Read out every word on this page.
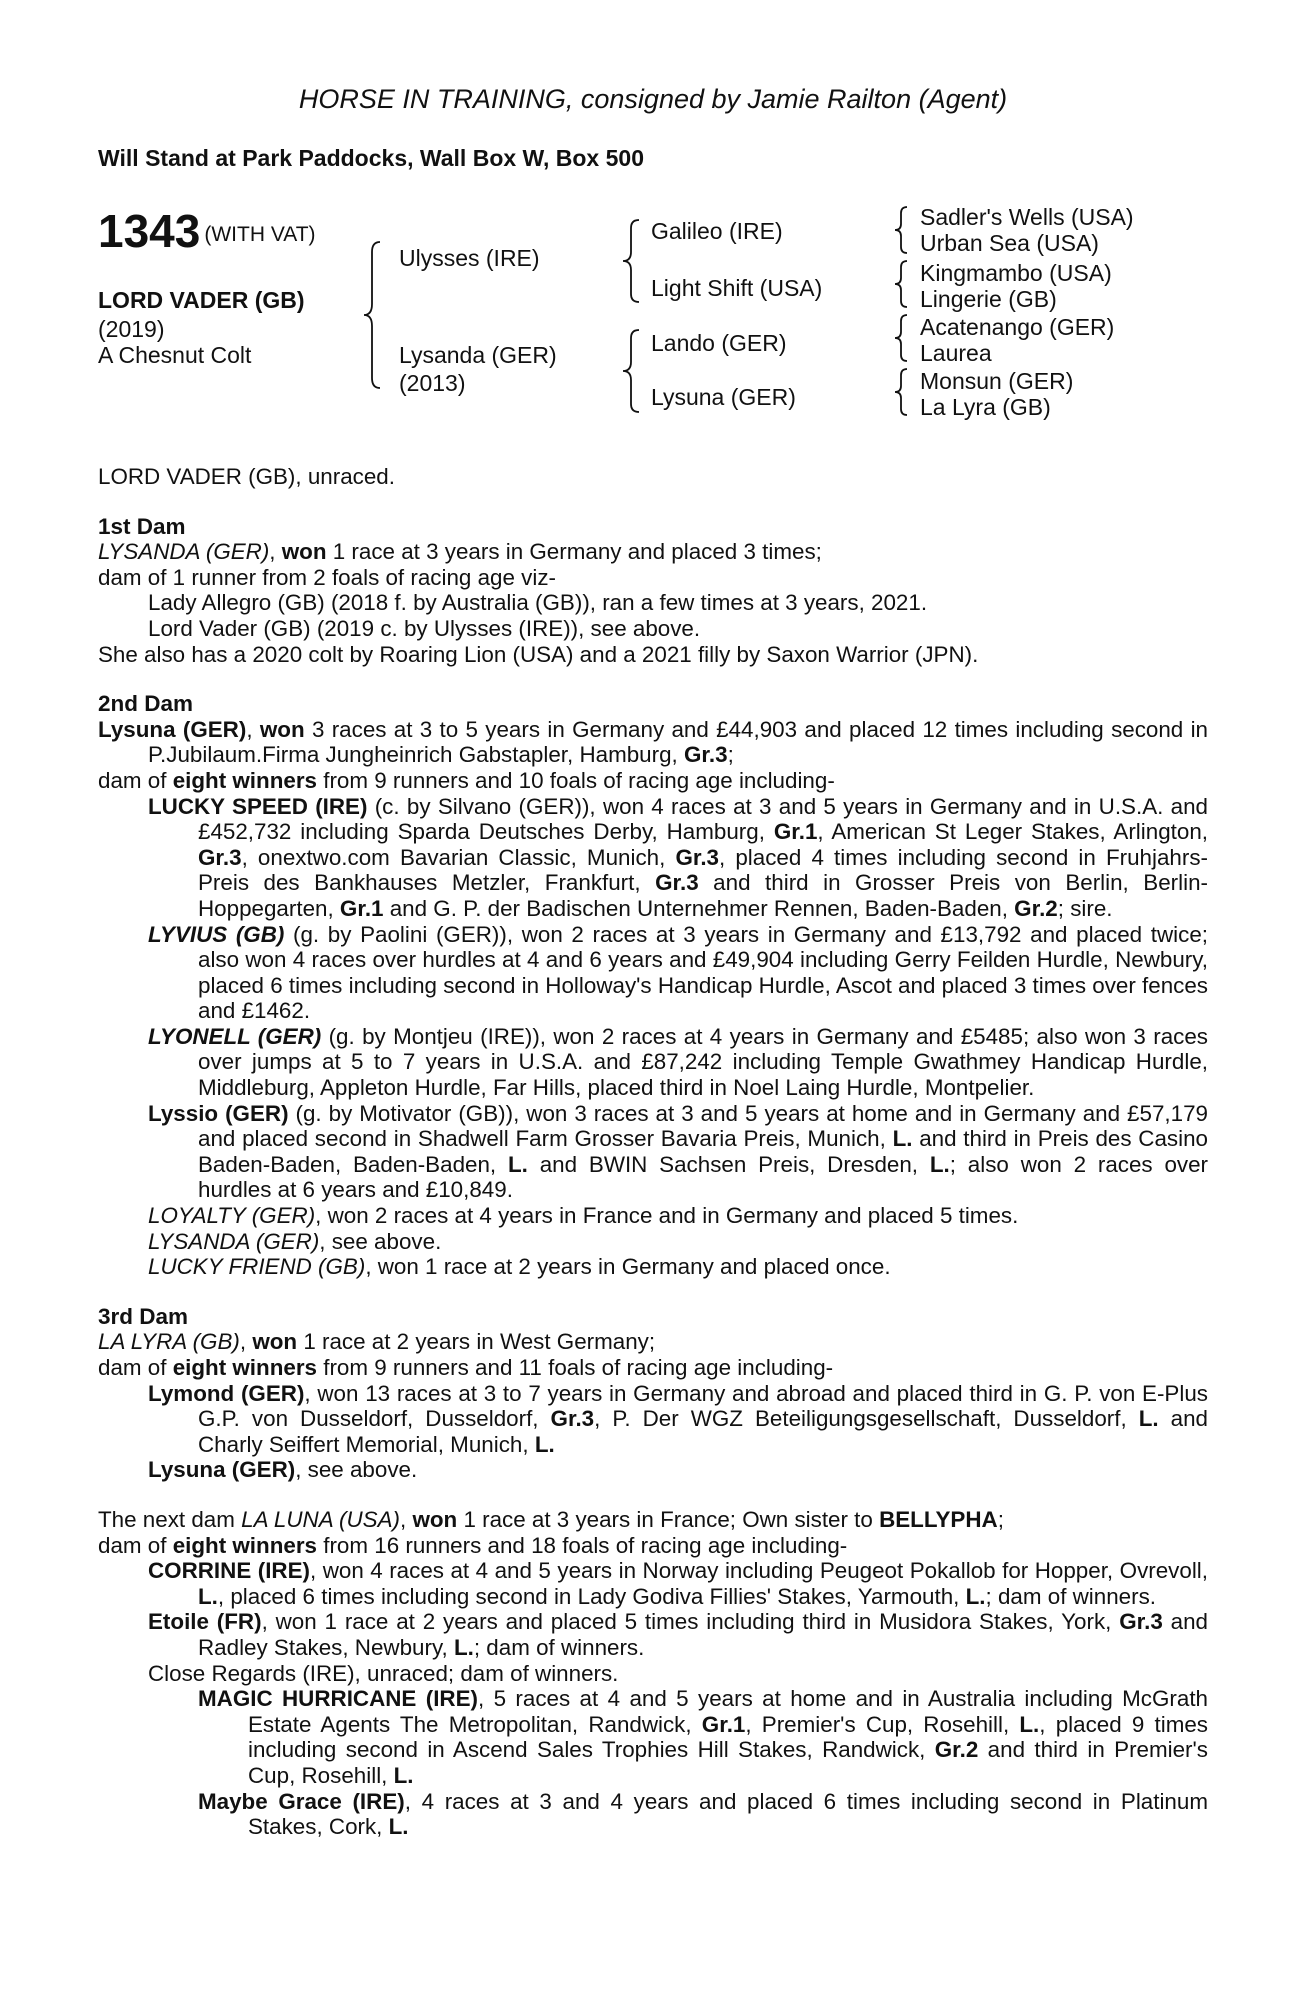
HORSE IN TRAINING, consigned by Jamie Railton (Agent)
Will Stand at Park Paddocks, Wall Box W, Box 500
1343 (WITH VAT)
LORD VADER (GB)
(2019)
A Chesnut Colt
Ulysses (IRE)
Lysanda (GER)
(2013)
Galileo (IRE)
Light Shift (USA)
Lando (GER)
Lysuna (GER)
Sadler's Wells (USA)
Urban Sea (USA)
Kingmambo (USA)
Lingerie (GB)
Acatenango (GER)
Laurea
Monsun (GER)
La Lyra (GB)

LORD VADER (GB), unraced.

1st Dam

LYSANDA (GER), won 1 race at 3 years in Germany and placed 3 times;

dam of 1 runner from 2 foals of racing age viz-

Lady Allegro (GB) (2018 f. by Australia (GB)), ran a few times at 3 years, 2021.

Lord Vader (GB) (2019 c. by Ulysses (IRE)), see above.

She also has a 2020 colt by Roaring Lion (USA) and a 2021 filly by Saxon Warrior (JPN).

2nd Dam

Lysuna (GER), won 3 races at 3 to 5 years in Germany and £44,903 and placed 12 times including second in P.Jubilaum.Firma Jungheinrich Gabstapler, Hamburg, Gr.3;

dam of eight winners from 9 runners and 10 foals of racing age including-

LUCKY SPEED (IRE) (c. by Silvano (GER)), won 4 races at 3 and 5 years in Germany and in U.S.A. and £452,732 including Sparda Deutsches Derby, Hamburg, Gr.1, American St Leger Stakes, Arlington, Gr.3, onextwo.com Bavarian Classic, Munich, Gr.3, placed 4 times including second in Fruhjahrs-Preis des Bankhauses Metzler, Frankfurt, Gr.3 and third in Grosser Preis von Berlin, Berlin-Hoppegarten, Gr.1 and G. P. der Badischen Unternehmer Rennen, Baden-Baden, Gr.2; sire.

LYVIUS (GB) (g. by Paolini (GER)), won 2 races at 3 years in Germany and £13,792 and placed twice; also won 4 races over hurdles at 4 and 6 years and £49,904 including Gerry Feilden Hurdle, Newbury, placed 6 times including second in Holloway's Handicap Hurdle, Ascot and placed 3 times over fences and £1462.

LYONELL (GER) (g. by Montjeu (IRE)), won 2 races at 4 years in Germany and £5485; also won 3 races over jumps at 5 to 7 years in U.S.A. and £87,242 including Temple Gwathmey Handicap Hurdle, Middleburg, Appleton Hurdle, Far Hills, placed third in Noel Laing Hurdle, Montpelier.

Lyssio (GER) (g. by Motivator (GB)), won 3 races at 3 and 5 years at home and in Germany and £57,179 and placed second in Shadwell Farm Grosser Bavaria Preis, Munich, L. and third in Preis des Casino Baden-Baden, Baden-Baden, L. and BWIN Sachsen Preis, Dresden, L.; also won 2 races over hurdles at 6 years and £10,849.

LOYALTY (GER), won 2 races at 4 years in France and in Germany and placed 5 times.

LYSANDA (GER), see above.

LUCKY FRIEND (GB), won 1 race at 2 years in Germany and placed once.

3rd Dam

LA LYRA (GB), won 1 race at 2 years in West Germany;

dam of eight winners from 9 runners and 11 foals of racing age including-

Lymond (GER), won 13 races at 3 to 7 years in Germany and abroad and placed third in G. P. von E-Plus G.P. von Dusseldorf, Dusseldorf, Gr.3, P. Der WGZ Beteiligungsgesellschaft, Dusseldorf, L. and Charly Seiffert Memorial, Munich, L.

Lysuna (GER), see above.

The next dam LA LUNA (USA), won 1 race at 3 years in France; Own sister to BELLYPHA;

dam of eight winners from 16 runners and 18 foals of racing age including-

CORRINE (IRE), won 4 races at 4 and 5 years in Norway including Peugeot Pokallob for Hopper, Ovrevoll, L., placed 6 times including second in Lady Godiva Fillies' Stakes, Yarmouth, L.; dam of winners.

Etoile (FR), won 1 race at 2 years and placed 5 times including third in Musidora Stakes, York, Gr.3 and Radley Stakes, Newbury, L.; dam of winners.

Close Regards (IRE), unraced; dam of winners.

MAGIC HURRICANE (IRE), 5 races at 4 and 5 years at home and in Australia including McGrath Estate Agents The Metropolitan, Randwick, Gr.1, Premier's Cup, Rosehill, L., placed 9 times including second in Ascend Sales Trophies Hill Stakes, Randwick, Gr.2 and third in Premier's Cup, Rosehill, L.

Maybe Grace (IRE), 4 races at 3 and 4 years and placed 6 times including second in Platinum Stakes, Cork, L.
